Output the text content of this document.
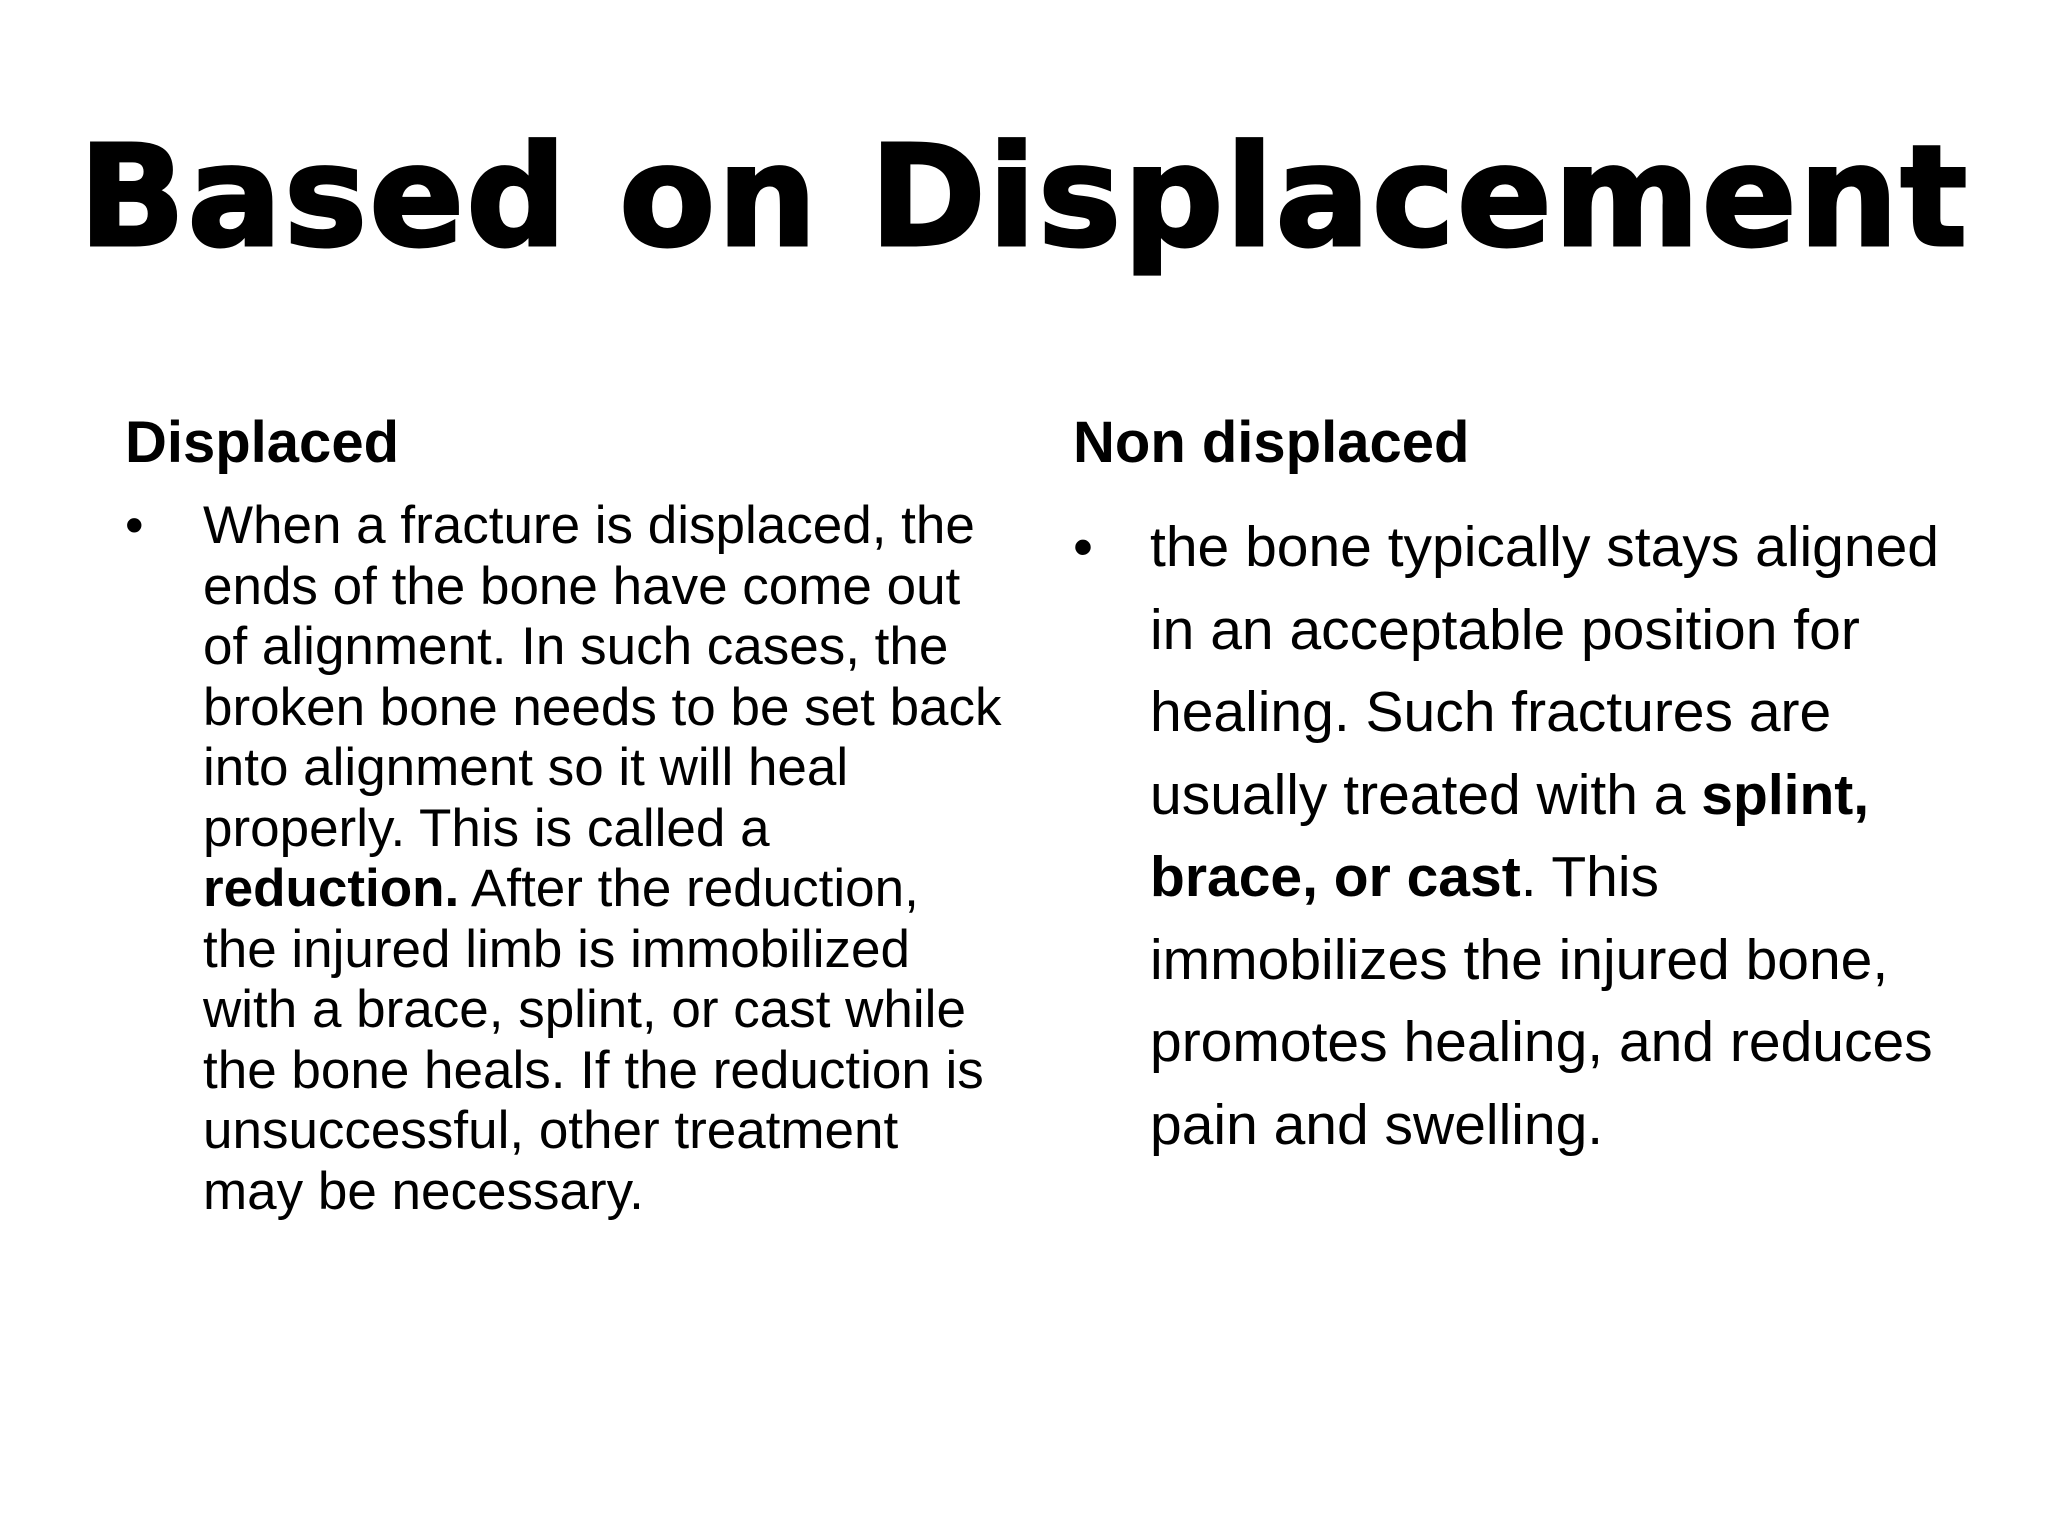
Based on Displacement
Displaced	Non displaced
• When a fracture is displaced, the ends of the bone have come out of alignment. In such cases, the broken bone needs to be set back into alignment so it will heal properly. This is called a reduction. After the reduction, the injured limb is immobilized with a brace, splint, or cast while the bone heals. If the reduction is unsuccessful, other treatment may be necessary.

• the bone typically stays aligned in an acceptable position for healing. Such fractures are usually treated with a splint, brace, or cast. This immobilizes the injured bone, promotes healing, and reduces pain and swelling.
